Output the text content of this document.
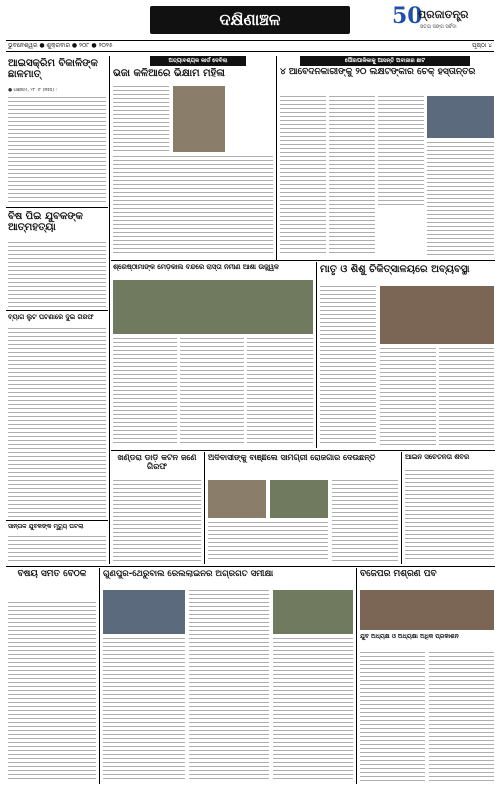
ଦକ୍ଷିଣାଞ୍ଚଳ	50
ପ୍ରଜାତନ୍ତ୍ର
ସତ୍ୟ ସଙ୍ଗ ସର୍ବଦା
ଭୁବନେଶ୍ୱର ● ଶୁକ୍ରବାର ● ୨୦୮ ● ୨୦୨୫	ପୃଷ୍ଠା ୪
ଆଇସକ୍ରିମ ବିକାଳିଙ୍କ ଛାଳମାତ୍
● ଗଞ୍ଜାମ, ୨୮ ।୮ (ନିଃସ) :
ବିଷ ପିଇ ଯୁବକଙ୍କ ଆତ୍ମହତ୍ୟା
ବ୍ୟାଗ ଲୁଟ ଘଟଣାରେ ଦୁଇ ଗିରଫ
ସାନ୍ତାଳି ଯୁବକଙ୍କ ମୃତ୍ୟୁ ଘଟିଲା
ଅତ୍ୟାବଶ୍ୟକ କାର୍ଡ ଦେବିଲା
ଭଜା କଳିଆରେ ଭିକ୍ଷାମ ମହିଳା
ପୌରପାଳିକାକୁ ଆସନ୍ତି ଅବାଜାର ଛାଟ
୪ ଆବେଦନକାରୀଙ୍କୁ ୨୦ ଲକ୍ଷଟଙ୍କାର ଚେକ୍ ହସ୍ତାନ୍ତର
ଶ୍ରେଷ୍ଠୀମାଙ୍କ ମେଡ଼ିକାଲ ବନ୍ଦରେ ରାସ୍ତା ନିର୍ମାଣ ଆଶା ଉଜ୍ଜ୍ୱଳ	ମାତୃ ଓ ଶିଶୁ ଚିକିତ୍ସାଳୟରେ ଅବ୍ୟବସ୍ଥା
ଖଣ୍ଡରା ଡାଡ଼ି କଟନ ଜଣେ ଗିରଫ
ଅଦିବାସୀଙ୍କୁ ବାଞ୍ଛିଲେ ସାମଗ୍ରୀ ରୋଜଗାର ଦେଉଛନ୍ତି	ଆଇନ ସଚେତନତା ଶିବିର
ବିଷୟ ସମିତି ବୈଠକ	ଗୁଣପୁର-ଥେରୁବାଲି ରେଲଲାଇନର ଅଗ୍ରଗତି ସମୀକ୍ଷା	ବିଜେପିର ମିଶ୍ରଣ ପର୍ବ
ଯୁବ ଅଧ୍ୟକ୍ଷ ଓ ଅଧ୍ୟକ୍ଷା ଅଧିକ ପ୍ରକାଶନ
